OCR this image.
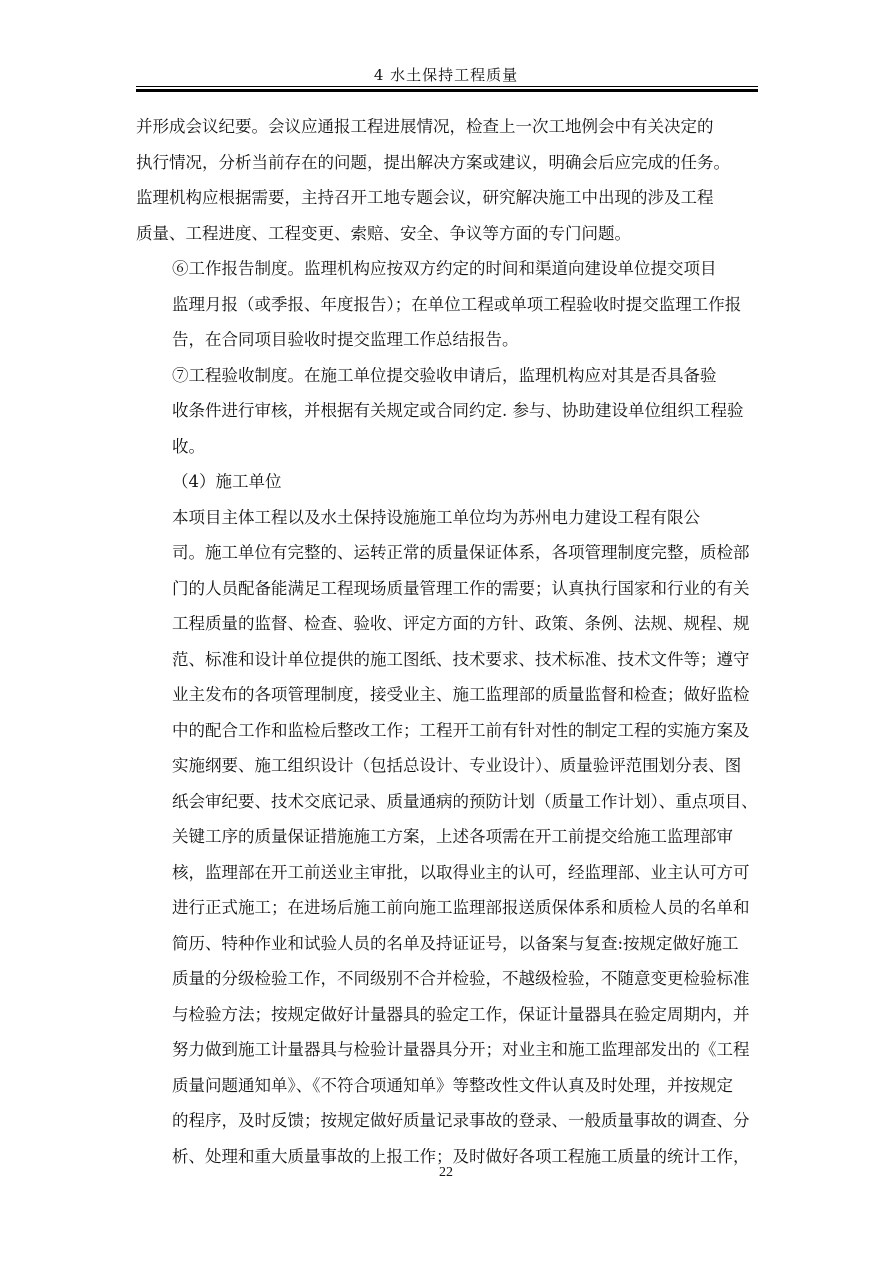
4 水土保持工程质量

并形成会议纪要。会议应通报工程进展情况，检查上一次工地例会中有关决定的
执行情况，分析当前存在的问题，提出解决方案或建议，明确会后应完成的任务。
监理机构应根据需要，主持召开工地专题会议，研究解决施工中出现的涉及工程
质量、工程进度、工程变更、索赔、安全、争议等方面的专门问题。

⑥工作报告制度。监理机构应按双方约定的时间和渠道向建设单位提交项目
监理月报（或季报、年度报告）；在单位工程或单项工程验收时提交监理工作报
告，在合同项目验收时提交监理工作总结报告。

⑦工程验收制度。在施工单位提交验收申请后，监理机构应对其是否具备验
收条件进行审核，并根据有关规定或合同约定. 参与、协助建设单位组织工程验
收。

（4）施工单位

本项目主体工程以及水土保持设施施工单位均为苏州电力建设工程有限公
司。施工单位有完整的、运转正常的质量保证体系，各项管理制度完整，质检部
门的人员配备能满足工程现场质量管理工作的需要；认真执行国家和行业的有关
工程质量的监督、检查、验收、评定方面的方针、政策、条例、法规、规程、规
范、标准和设计单位提供的施工图纸、技术要求、技术标准、技术文件等；遵守
业主发布的各项管理制度，接受业主、施工监理部的质量监督和检查；做好监检
中的配合工作和监检后整改工作；工程开工前有针对性的制定工程的实施方案及
实施纲要、施工组织设计（包括总设计、专业设计）、质量验评范围划分表、图
纸会审纪要、技术交底记录、质量通病的预防计划（质量工作计划）、重点项目、
关键工序的质量保证措施施工方案，上述各项需在开工前提交给施工监理部审
核，监理部在开工前送业主审批，以取得业主的认可，经监理部、业主认可方可
进行正式施工；在进场后施工前向施工监理部报送质保体系和质检人员的名单和
简历、特种作业和试验人员的名单及持证证号，以备案与复查:按规定做好施工
质量的分级检验工作，不同级别不合并检验，不越级检验，不随意变更检验标准
与检验方法；按规定做好计量器具的验定工作，保证计量器具在验定周期内，并
努力做到施工计量器具与检验计量器具分开；对业主和施工监理部发出的《工程
质量问题通知单》、《不符合项通知单》等整改性文件认真及时处理，并按规定
的程序，及时反馈；按规定做好质量记录事故的登录、一般质量事故的调查、分
析、处理和重大质量事故的上报工作；及时做好各项工程施工质量的统计工作，

22
